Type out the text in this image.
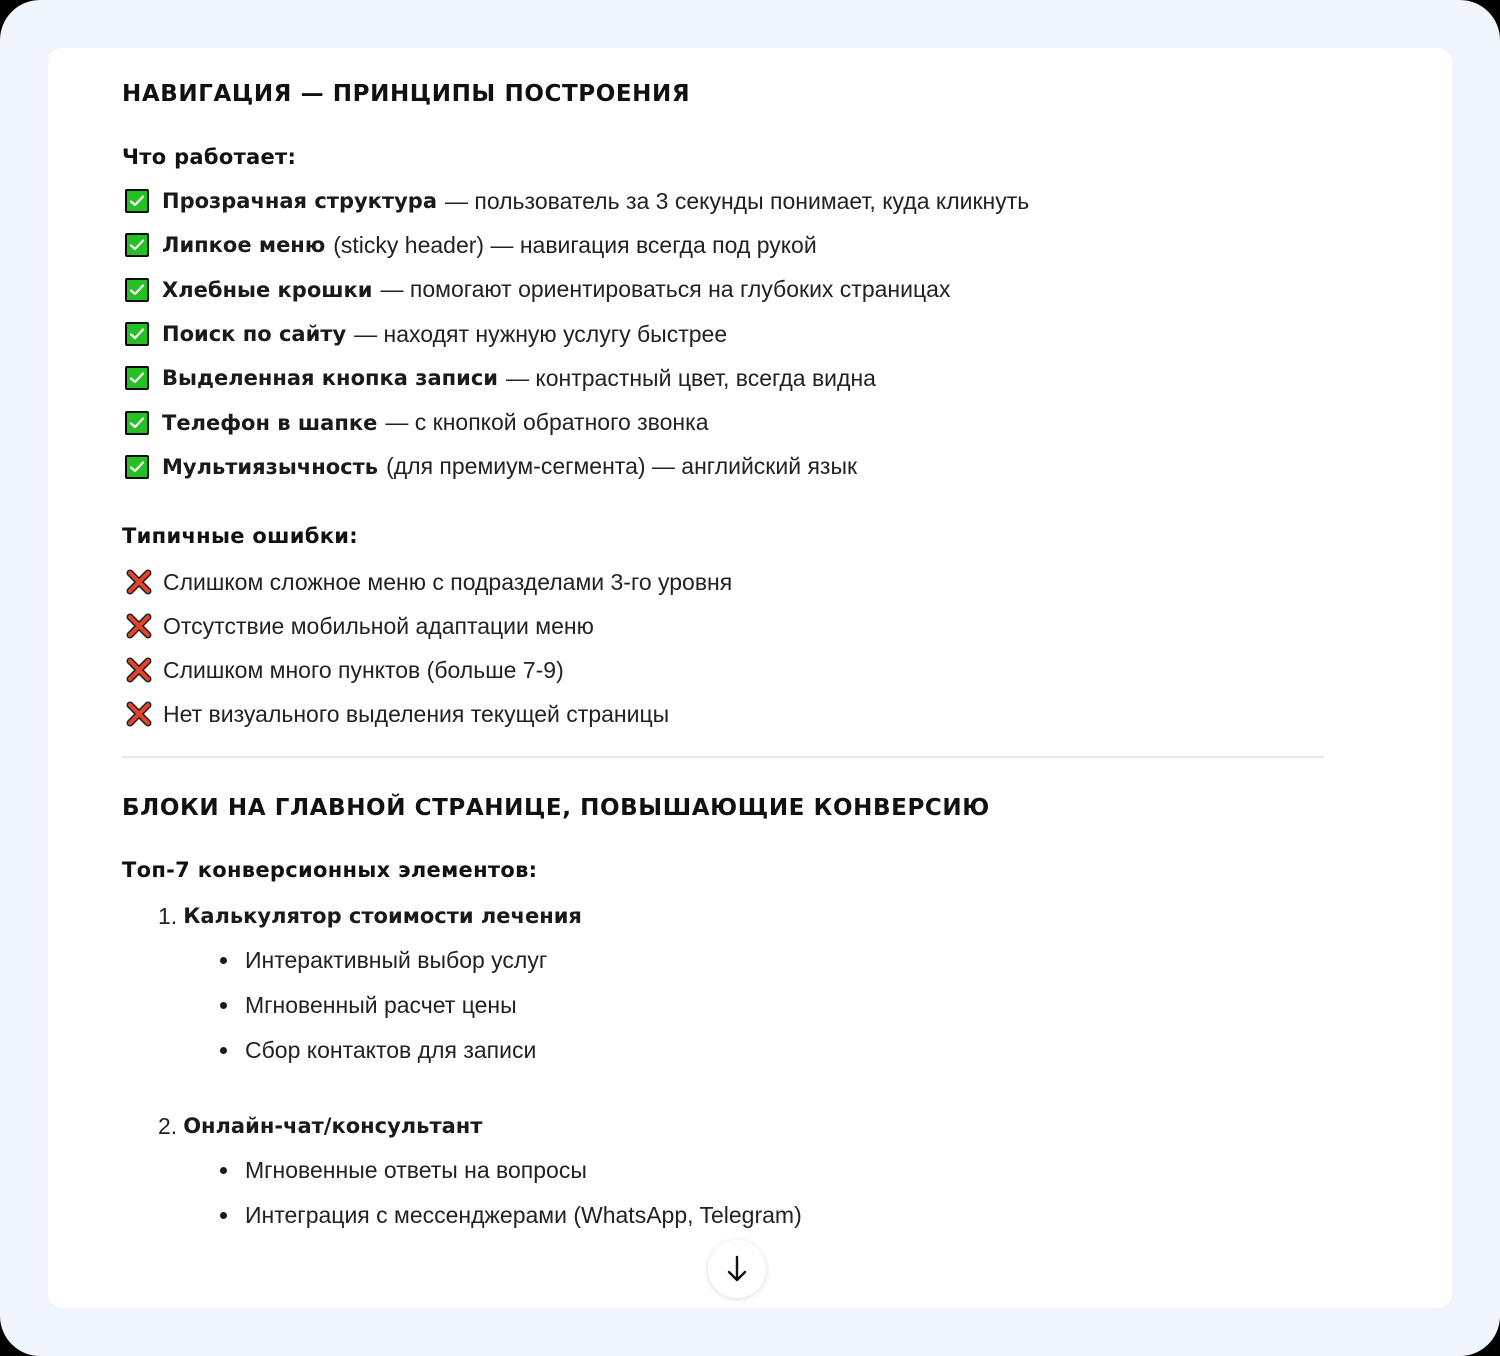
НАВИГАЦИЯ — ПРИНЦИПЫ ПОСТРОЕНИЯ
Что работает:
Прозрачная структура — пользователь за 3 секунды понимает, куда кликнуть
Липкое меню (sticky header) — навигация всегда под рукой
Хлебные крошки — помогают ориентироваться на глубоких страницах
Поиск по сайту — находят нужную услугу быстрее
Выделенная кнопка записи — контрастный цвет, всегда видна
Телефон в шапке — с кнопкой обратного звонка
Мультиязычность (для премиум-сегмента) — английский язык
Типичные ошибки:
Слишком сложное меню с подразделами 3-го уровня
Отсутствие мобильной адаптации меню
Слишком много пунктов (больше 7-9)
Нет визуального выделения текущей страницы
БЛОКИ НА ГЛАВНОЙ СТРАНИЦЕ, ПОВЫШАЮЩИЕ КОНВЕРСИЮ
Топ-7 конверсионных элементов:
1. Калькулятор стоимости лечения
Интерактивный выбор услуг
Мгновенный расчет цены
Сбор контактов для записи
2. Онлайн-чат/консультант
Мгновенные ответы на вопросы
Интеграция с мессенджерами (WhatsApp, Telegram)
